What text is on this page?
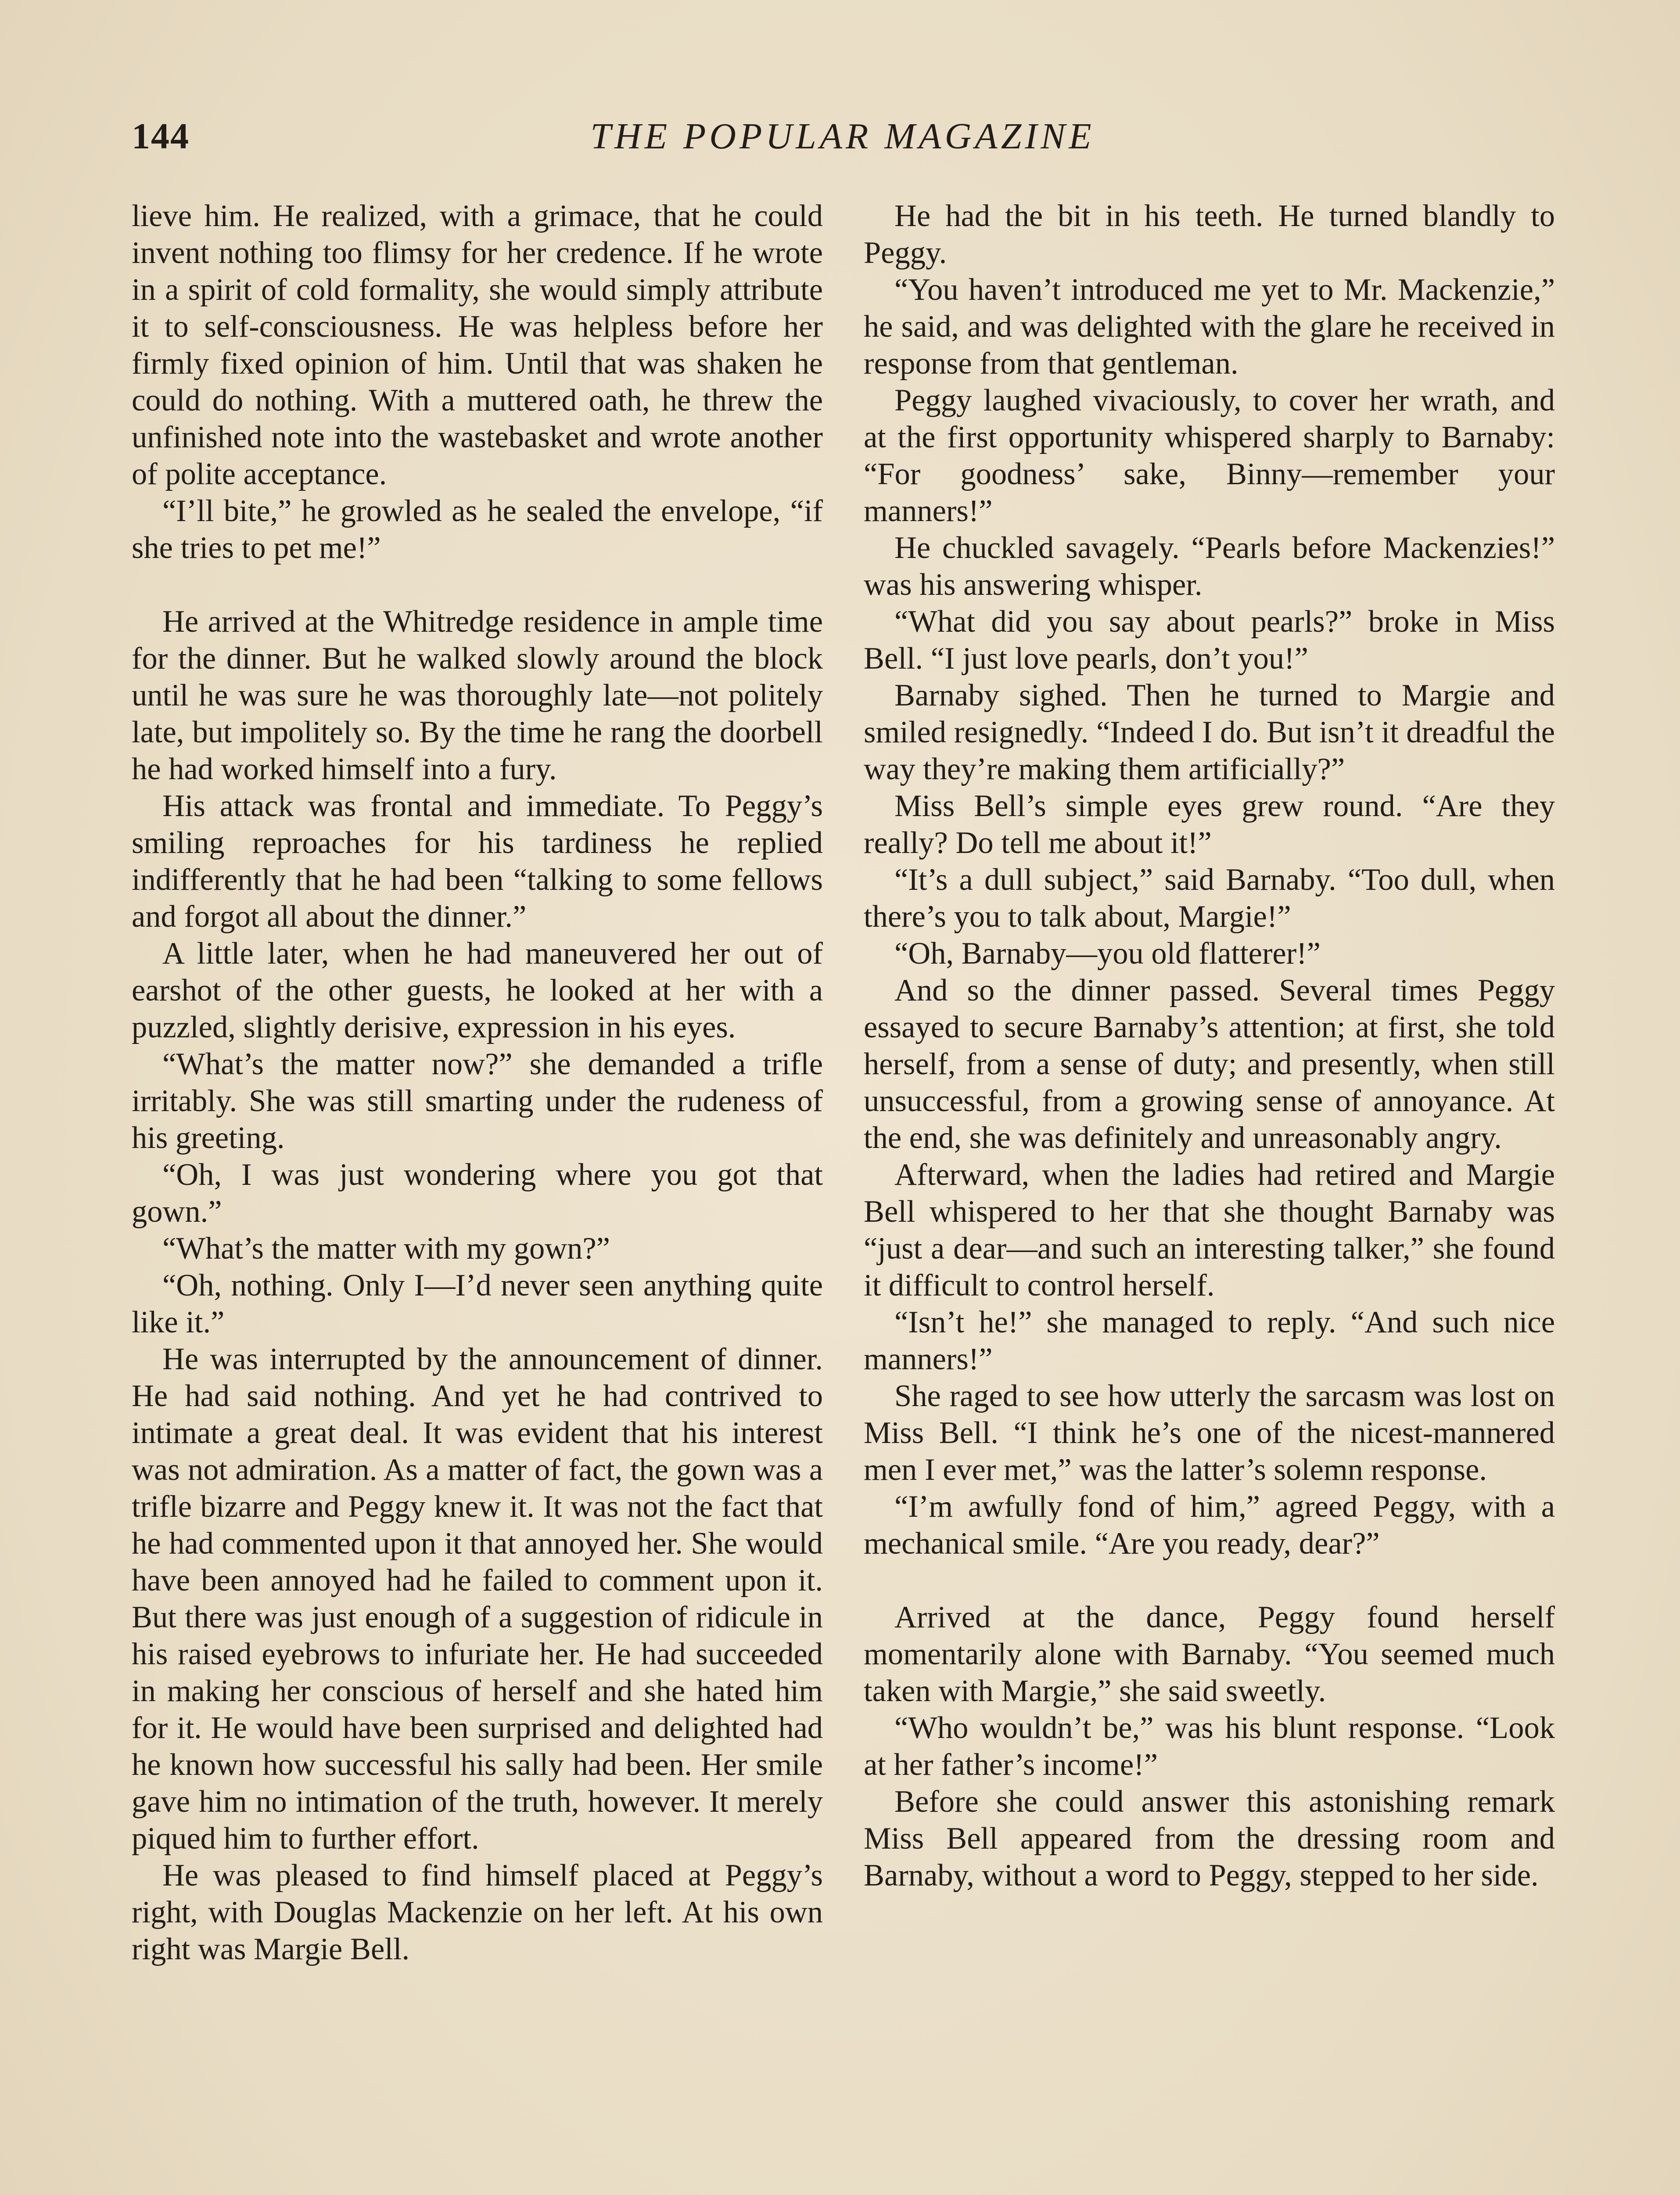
144	THE POPULAR MAGAZINE

lieve him. He realized, with a grimace, that he could invent nothing too flimsy for her credence. If he wrote in a spirit of cold formality, she would simply attribute it to self-consciousness. He was helpless before her firmly fixed opinion of him. Until that was shaken he could do nothing. With a muttered oath, he threw the unfinished note into the wastebasket and wrote another of polite acceptance.

“I’ll bite,” he growled as he sealed the envelope, “if she tries to pet me!”

He arrived at the Whitredge residence in ample time for the dinner. But he walked slowly around the block until he was sure he was thoroughly late—not politely late, but impolitely so. By the time he rang the doorbell he had worked himself into a fury.

His attack was frontal and immediate. To Peggy’s smiling reproaches for his tardiness he replied indifferently that he had been “talking to some fellows and forgot all about the dinner.”

A little later, when he had maneuvered her out of earshot of the other guests, he looked at her with a puzzled, slightly derisive, expression in his eyes.

“What’s the matter now?” she demanded a trifle irritably. She was still smarting under the rudeness of his greeting.

“Oh, I was just wondering where you got that gown.”

“What’s the matter with my gown?”

“Oh, nothing. Only I—I’d never seen anything quite like it.”

He was interrupted by the announcement of dinner. He had said nothing. And yet he had contrived to intimate a great deal. It was evident that his interest was not admiration. As a matter of fact, the gown was a trifle bizarre and Peggy knew it. It was not the fact that he had commented upon it that annoyed her. She would have been annoyed had he failed to comment upon it. But there was just enough of a suggestion of ridicule in his raised eyebrows to infuriate her. He had succeeded in making her conscious of herself and she hated him for it. He would have been surprised and delighted had he known how successful his sally had been. Her smile gave him no intimation of the truth, however. It merely piqued him to further effort.

He was pleased to find himself placed at Peggy’s right, with Douglas Mackenzie on her left. At his own right was Margie Bell.

He had the bit in his teeth. He turned blandly to Peggy.

“You haven’t introduced me yet to Mr. Mackenzie,” he said, and was delighted with the glare he received in response from that gentleman.

Peggy laughed vivaciously, to cover her wrath, and at the first opportunity whispered sharply to Barnaby: “For goodness’ sake, Binny—remember your manners!”

He chuckled savagely. “Pearls before Mackenzies!” was his answering whisper.

“What did you say about pearls?” broke in Miss Bell. “I just love pearls, don’t you!”

Barnaby sighed. Then he turned to Margie and smiled resignedly. “Indeed I do. But isn’t it dreadful the way they’re making them artificially?”

Miss Bell’s simple eyes grew round. “Are they really? Do tell me about it!”

“It’s a dull subject,” said Barnaby. “Too dull, when there’s you to talk about, Margie!”

“Oh, Barnaby—you old flatterer!”

And so the dinner passed. Several times Peggy essayed to secure Barnaby’s attention; at first, she told herself, from a sense of duty; and presently, when still unsuccessful, from a growing sense of annoyance. At the end, she was definitely and unreasonably angry.

Afterward, when the ladies had retired and Margie Bell whispered to her that she thought Barnaby was “just a dear—and such an interesting talker,” she found it difficult to control herself.

“Isn’t he!” she managed to reply. “And such nice manners!”

She raged to see how utterly the sarcasm was lost on Miss Bell. “I think he’s one of the nicest-mannered men I ever met,” was the latter’s solemn response.

“I’m awfully fond of him,” agreed Peggy, with a mechanical smile. “Are you ready, dear?”

Arrived at the dance, Peggy found herself momentarily alone with Barnaby. “You seemed much taken with Margie,” she said sweetly.

“Who wouldn’t be,” was his blunt response. “Look at her father’s income!”

Before she could answer this astonishing remark Miss Bell appeared from the dressing room and Barnaby, without a word to Peggy, stepped to her side.
